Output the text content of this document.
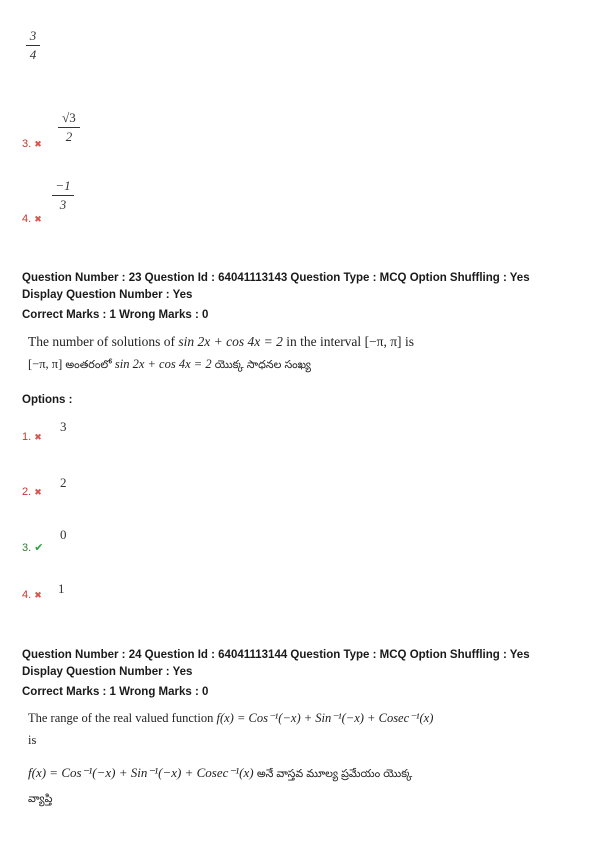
3
4
3. ✖
√3
2
4. ✖
−1
3
Question Number : 23 Question Id : 64041113143 Question Type : MCQ Option Shuffling : Yes
Display Question Number : Yes
Correct Marks : 1 Wrong Marks : 0
The number of solutions of sin 2x + cos 4x = 2 in the interval [−π, π] is
[−π, π] అంతరంలో sin 2x + cos 4x = 2 యొక్క సాధనల సంఖ్య
Options :
1. ✖
3
2. ✖
2
3. ✔
0
4. ✖ 1
Question Number : 24 Question Id : 64041113144 Question Type : MCQ Option Shuffling : Yes
Display Question Number : Yes
Correct Marks : 1 Wrong Marks : 0
The range of the real valued function f(x) = Cos⁻¹(−x) + Sin⁻¹(−x) + Cosec⁻¹(x)
is
f(x) = Cos⁻¹(−x) + Sin⁻¹(−x) + Cosec⁻¹(x) అనే వాస్తవ మూల్య ప్రమేయం యొక్క
వ్యాప్తి
